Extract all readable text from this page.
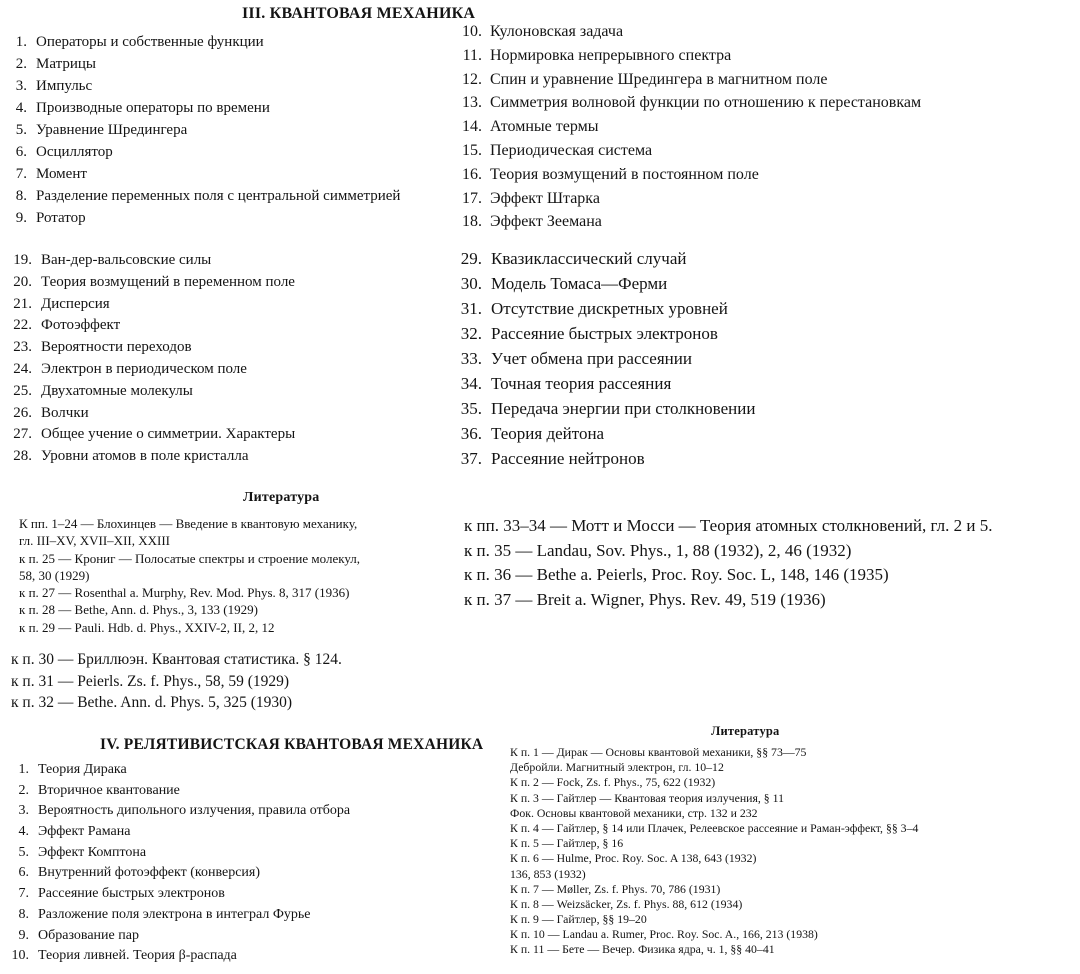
III. КВАНТОВАЯ МЕХАНИКА
1. Операторы и собственные функции
2. Матрицы
3. Импульс
4. Производные операторы по времени
5. Уравнение Шредингера
6. Осциллятор
7. Момент
8. Разделение переменных поля с центральной симметрией
9. Ротатор
10. Кулоновская задача
11. Нормировка непрерывного спектра
12. Спин и уравнение Шредингера в магнитном поле
13. Симметрия волновой функции по отношению к перестановкам
14. Атомные термы
15. Периодическая система
16. Теория возмущений в постоянном поле
17. Эффект Штарка
18. Эффект Зеемана
19. Ван-дер-вальсовские силы
20. Теория возмущений в переменном поле
21. Дисперсия
22. Фотоэффект
23. Вероятности переходов
24. Электрон в периодическом поле
25. Двухатомные молекулы
26. Волчки
27. Общее учение о симметрии. Характеры
28. Уровни атомов в поле кристалла
29. Квазиклассический случай
30. Модель Томаса—Ферми
31. Отсутствие дискретных уровней
32. Рассеяние быстрых электронов
33. Учет обмена при рассеянии
34. Точная теория рассеяния
35. Передача энергии при столкновении
36. Теория дейтона
37. Рассеяние нейтронов
Литература
К пп. 1–24 — Блохинцев — Введение в квантовую механику,
гл. III–XV, XVII–XII, XXIII
к п. 25 — Крониг — Полосатые спектры и строение молекул,
58, 30 (1929)
к п. 27 — Rosenthal a. Murphy, Rev. Mod. Phys. 8, 317 (1936)
к п. 28 — Bethe, Ann. d. Phys., 3, 133 (1929)
к п. 29 — Pauli. Hdb. d. Phys., XXIV-2, II, 2, 12
к пп. 33–34 — Мотт и Мосси — Теория атомных столкновений, гл. 2 и 5.
к п. 35 — Landau, Sov. Phys., 1, 88 (1932), 2, 46 (1932)
к п. 36 — Bethe a. Peierls, Proc. Roy. Soc. L, 148, 146 (1935)
к п. 37 — Breit a. Wigner, Phys. Rev. 49, 519 (1936)
к п. 30 — Бриллюэн. Квантовая статистика. § 124.
к п. 31 — Peierls. Zs. f. Phys., 58, 59 (1929)
к п. 32 — Bethe. Ann. d. Phys. 5, 325 (1930)
IV. РЕЛЯТИВИСТСКАЯ КВАНТОВАЯ МЕХАНИКА
1. Теория Дирака
2. Вторичное квантование
3. Вероятность дипольного излучения, правила отбора
4. Эффект Рамана
5. Эффект Комптона
6. Внутренний фотоэффект (конверсия)
7. Рассеяние быстрых электронов
8. Разложение поля электрона в интеграл Фурье
9. Образование пар
10. Теория ливней. Теория β-распада
Литература
К п. 1 — Дирак — Основы квантовой механики, §§ 73—75
Дебройли. Магнитный электрон, гл. 10–12
К п. 2 — Fock, Zs. f. Phys., 75, 622 (1932)
К п. 3 — Гайтлер — Квантовая теория излучения, § 11
Фок. Основы квантовой механики, стр. 132 и 232
К п. 4 — Гайтлер, § 14 или Плачек, Релеевское рассеяние и Раман-эффект, §§ 3–4
К п. 5 — Гайтлер, § 16
К п. 6 — Hulme, Proc. Roy. Soc. A 138, 643 (1932)
136, 853 (1932)
К п. 7 — Møller, Zs. f. Phys. 70, 786 (1931)
К п. 8 — Weizsäcker, Zs. f. Phys. 88, 612 (1934)
К п. 9 — Гайтлер, §§ 19–20
К п. 10 — Landau a. Rumer, Proc. Roy. Soc. A., 166, 213 (1938)
К п. 11 — Бете — Вечер. Физика ядра, ч. 1, §§ 40–41
